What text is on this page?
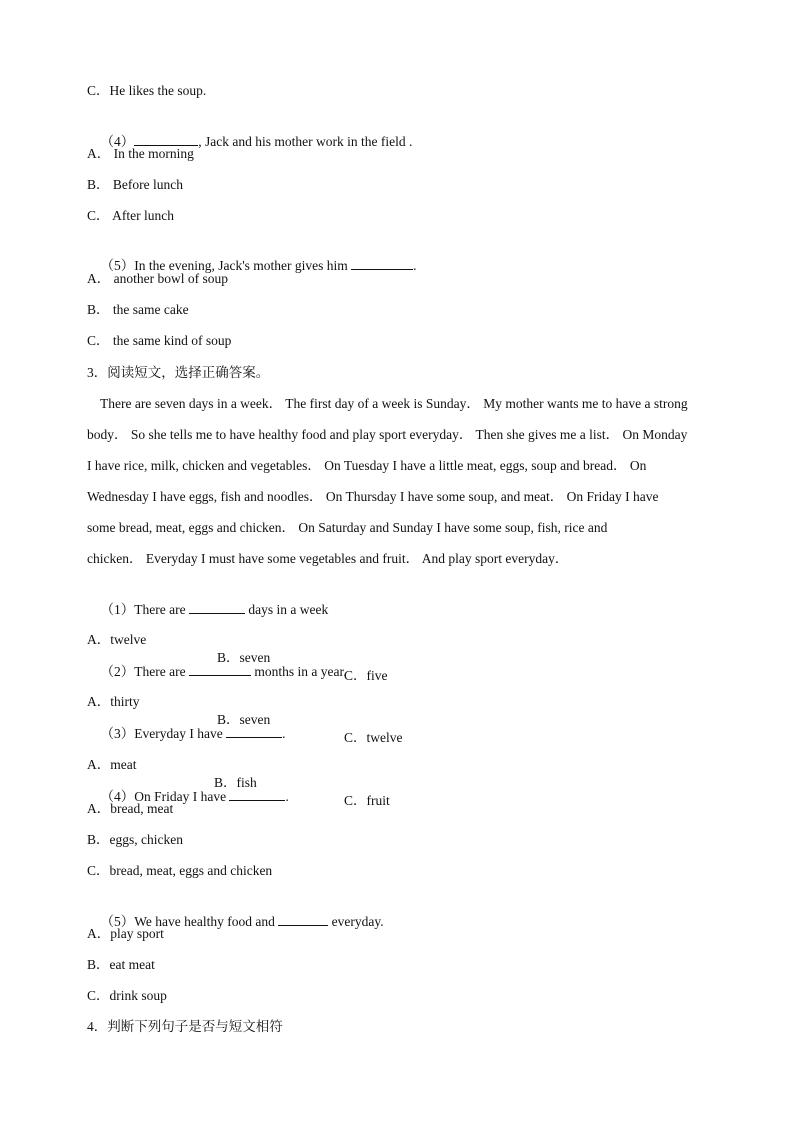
C．He likes the soup.

（4）	, Jack and his mother work in the field .

A． In the morning
B． Before lunch
C． After lunch

（5）In the evening, Jack's mother gives him	.

A． another bowl of soup
B． the same cake
C． the same kind of soup
3．阅读短文，选择正确答案。
There are seven days in a week． The first day of a week is Sunday． My mother wants me to have a strong
body． So she tells me to have healthy food and play sport everyday． Then she gives me a list． On Monday
I have rice, milk, chicken and vegetables． On Tuesday I have a little meat, eggs, soup and bread． On
Wednesday I have eggs, fish and noodles． On Thursday I have some soup, and meat． On Friday I have
some bread, meat, eggs and chicken． On Saturday and Sunday I have some soup, fish, rice and
chicken． Everyday I must have some vegetables and fruit． And play sport everyday．

（1）There are	days in a week

A．twelve

B．seven

C．five

（2）There are	months in a year.

A．thirty

B．seven

C．twelve

（3）Everyday I have	.

A．meat

B．fish

C．fruit

（4）On Friday I have	.

A．bread, meat
B．eggs, chicken
C．bread, meat, eggs and chicken

（5）We have healthy food and	everyday.

A．play sport
B．eat meat
C．drink soup
4．判断下列句子是否与短文相符
